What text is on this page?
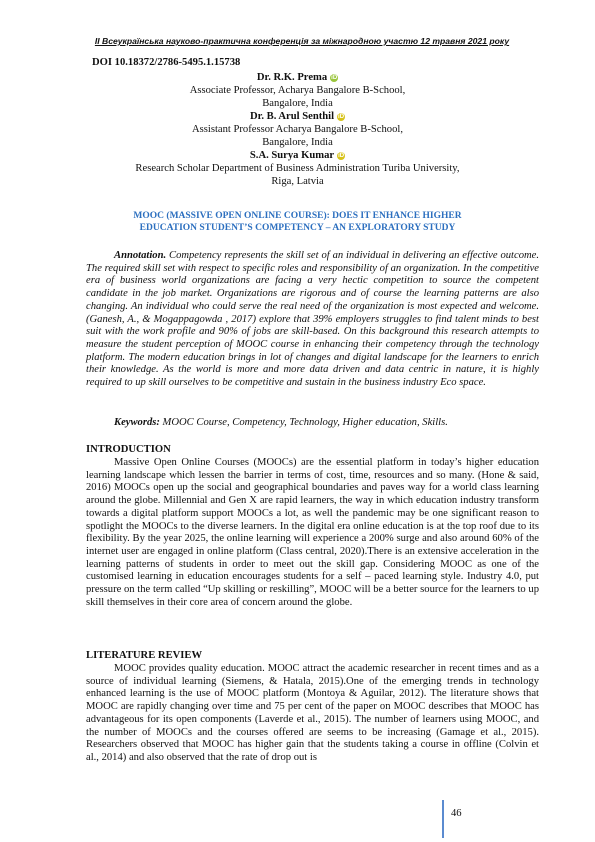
II Всеукраїнська науково-практична конференція за міжнародною участю 12 травня 2021 року
DOI 10.18372/2786-5495.1.15738
Dr. R.K. Prema iD
Associate Professor, Acharya Bangalore B-School,
Bangalore, India
Dr. B. Arul Senthil iD
Assistant Professor Acharya Bangalore B-School,
Bangalore, India
S.A. Surya Kumar iD
Research Scholar Department of Business Administration Turiba University,
Riga, Latvia
MOOC (MASSIVE OPEN ONLINE COURSE): DOES IT ENHANCE HIGHER
EDUCATION STUDENT’S COMPETENCY – AN EXPLORATORY STUDY

Annotation. Competency represents the skill set of an individual in delivering an effective outcome. The required skill set with respect to specific roles and responsibility of an organization. In the competitive era of business world organizations are facing a very hectic competition to source the competent candidate in the job market. Organizations are rigorous and of course the learning patterns are also changing. An individual who could serve the real need of the organization is most expected and welcome. (Ganesh, A., & Mogappagowda , 2017) explore that 39% employers struggles to find talent minds to best suit with the work profile and 90% of jobs are skill-based. On this background this research attempts to measure the student perception of MOOC course in enhancing their competency through the technology platform. The modern education brings in lot of changes and digital landscape for the learners to enrich their knowledge. As the world is more and more data driven and data centric in nature, it is highly required to up skill ourselves to be competitive and sustain in the business industry Eco space.

Keywords: MOOC Course, Competency, Technology, Higher education, Skills.

INTRODUCTION

Massive Open Online Courses (MOOCs) are the essential platform in today’s higher education learning landscape which lessen the barrier in terms of cost, time, resources and so many. (Hone & said, 2016) MOOCs open up the social and geographical boundaries and paves way for a world class learning around the globe. Millennial and Gen X are rapid learners, the way in which education industry transform towards a digital platform support MOOCs a lot, as well the pandemic may be one significant reason to spotlight the MOOCs to the diverse learners. In the digital era online education is at the top roof due to its flexibility. By the year 2025, the online learning will experience a 200% surge and also around 60% of the internet user are engaged in online platform (Class central, 2020).There is an extensive acceleration in the learning patterns of students in order to meet out the skill gap. Considering MOOC as one of the customised learning in education encourages students for a self – paced learning style. Industry 4.0, put pressure on the term called “Up skilling or reskilling”, MOOC will be a better source for the learners to up skill themselves in their core area of concern around the globe.

LITERATURE REVIEW

MOOC provides quality education. MOOC attract the academic researcher in recent times and as a source of individual learning (Siemens, & Hatala, 2015).One of the emerging trends in technology enhanced learning is the use of MOOC platform (Montoya & Aguilar, 2012). The literature shows that MOOC are rapidly changing over time and 75 per cent of the paper on MOOC describes that MOOC has advantageous for its open components (Laverde et al., 2015). The number of learners using MOOC, and the number of MOOCs and the courses offered are seems to be increasing (Gamage et al., 2015). Researchers observed that MOOC has higher gain that the students taking a course in offline (Colvin et al., 2014) and also observed that the rate of drop out is

46
